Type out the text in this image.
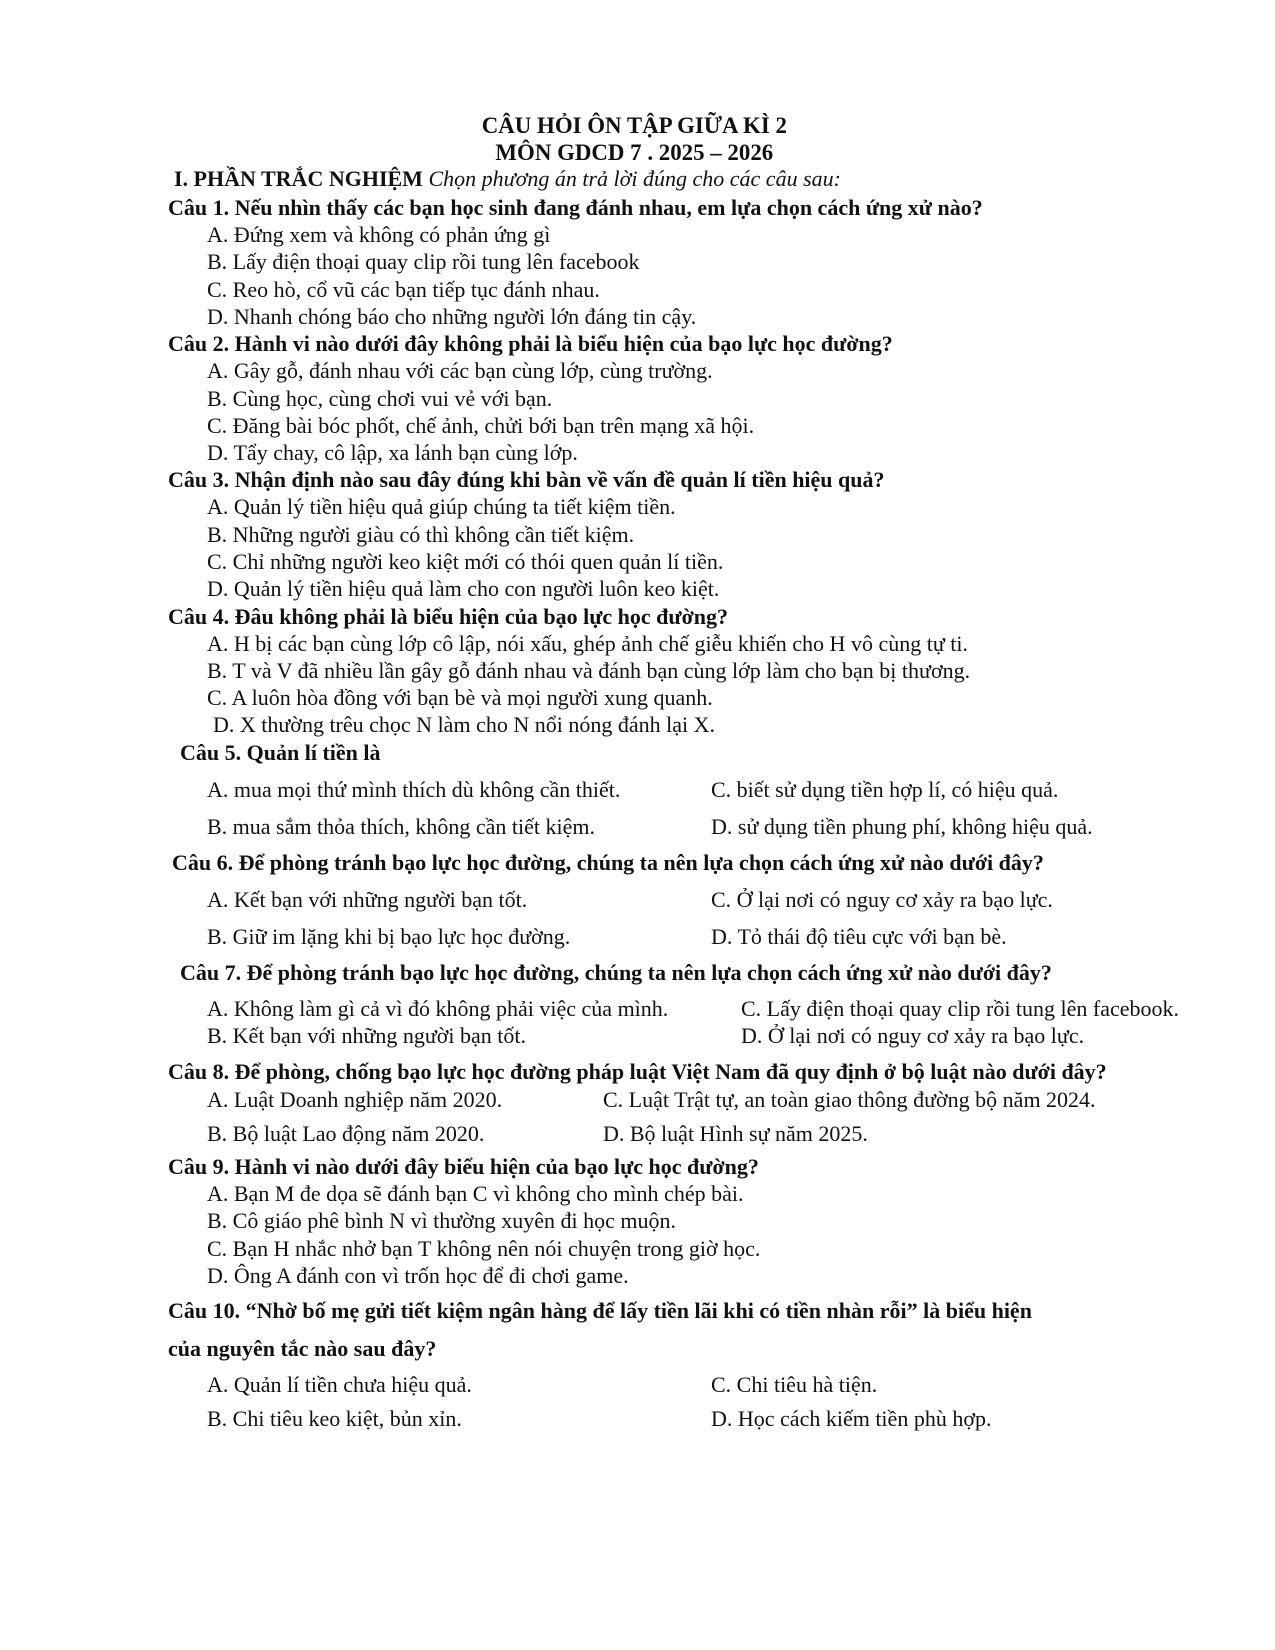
CÂU HỎI ÔN TẬP GIỮA KÌ 2
MÔN GDCD 7 . 2025 – 2026
I. PHẦN TRẮC NGHIỆM Chọn phương án trả lời đúng cho các câu sau:
Câu 1. Nếu nhìn thấy các bạn học sinh đang đánh nhau, em lựa chọn cách ứng xử nào?
A. Đứng xem và không có phản ứng gì
B. Lấy điện thoại quay clip rồi tung lên facebook
C. Reo hò, cổ vũ các bạn tiếp tục đánh nhau.
D. Nhanh chóng báo cho những người lớn đáng tin cậy.
Câu 2. Hành vi nào dưới đây không phải là biểu hiện của bạo lực học đường?
A. Gây gỗ, đánh nhau với các bạn cùng lớp, cùng trường.
B. Cùng học, cùng chơi vui vẻ với bạn.
C. Đăng bài bóc phốt, chế ảnh, chửi bới bạn trên mạng xã hội.
D. Tẩy chay, cô lập, xa lánh bạn cùng lớp.
Câu 3. Nhận định nào sau đây đúng khi bàn về vấn đề quản lí tiền hiệu quả?
A. Quản lý tiền hiệu quả giúp chúng ta tiết kiệm tiền.
B. Những người giàu có thì không cần tiết kiệm.
C. Chỉ những người keo kiệt mới có thói quen quản lí tiền.
D. Quản lý tiền hiệu quả làm cho con người luôn keo kiệt.
Câu 4. Đâu không phải là biểu hiện của bạo lực học đường?
A. H bị các bạn cùng lớp cô lập, nói xấu, ghép ảnh chế giễu khiến cho H vô cùng tự ti.
B. T và V đã nhiều lần gây gỗ đánh nhau và đánh bạn cùng lớp làm cho bạn bị thương.
C. A luôn hòa đồng với bạn bè và mọi người xung quanh.
D. X thường trêu chọc N làm cho N nổi nóng đánh lại X.
Câu 5. Quản lí tiền là
A. mua mọi thứ mình thích dù không cần thiết.	C. biết sử dụng tiền hợp lí, có hiệu quả.
B. mua sắm thỏa thích, không cần tiết kiệm.	D. sử dụng tiền phung phí, không hiệu quả.
Câu 6. Để phòng tránh bạo lực học đường, chúng ta nên lựa chọn cách ứng xử nào dưới đây?
A. Kết bạn với những người bạn tốt.	C. Ở lại nơi có nguy cơ xảy ra bạo lực.
B. Giữ im lặng khi bị bạo lực học đường.	D. Tỏ thái độ tiêu cực với bạn bè.
Câu 7. Để phòng tránh bạo lực học đường, chúng ta nên lựa chọn cách ứng xử nào dưới đây?
A. Không làm gì cả vì đó không phải việc của mình.	C. Lấy điện thoại quay clip rồi tung lên facebook.
B. Kết bạn với những người bạn tốt.	D. Ở lại nơi có nguy cơ xảy ra bạo lực.
Câu 8. Để phòng, chống bạo lực học đường pháp luật Việt Nam đã quy định ở bộ luật nào dưới đây?
A. Luật Doanh nghiệp năm 2020.	C. Luật Trật tự, an toàn giao thông đường bộ năm 2024.
B. Bộ luật Lao động năm 2020.	D. Bộ luật Hình sự năm 2025.
Câu 9. Hành vi nào dưới đây biểu hiện của bạo lực học đường?
A. Bạn M đe dọa sẽ đánh bạn C vì không cho mình chép bài.
B. Cô giáo phê bình N vì thường xuyên đi học muộn.
C. Bạn H nhắc nhở bạn T không nên nói chuyện trong giờ học.
D. Ông A đánh con vì trốn học để đi chơi game.
Câu 10. “Nhờ bố mẹ gửi tiết kiệm ngân hàng để lấy tiền lãi khi có tiền nhàn rỗi” là biểu hiện
của nguyên tắc nào sau đây?
A. Quản lí tiền chưa hiệu quả.	C. Chi tiêu hà tiện.
B. Chi tiêu keo kiệt, bủn xỉn.	D. Học cách kiếm tiền phù hợp.
